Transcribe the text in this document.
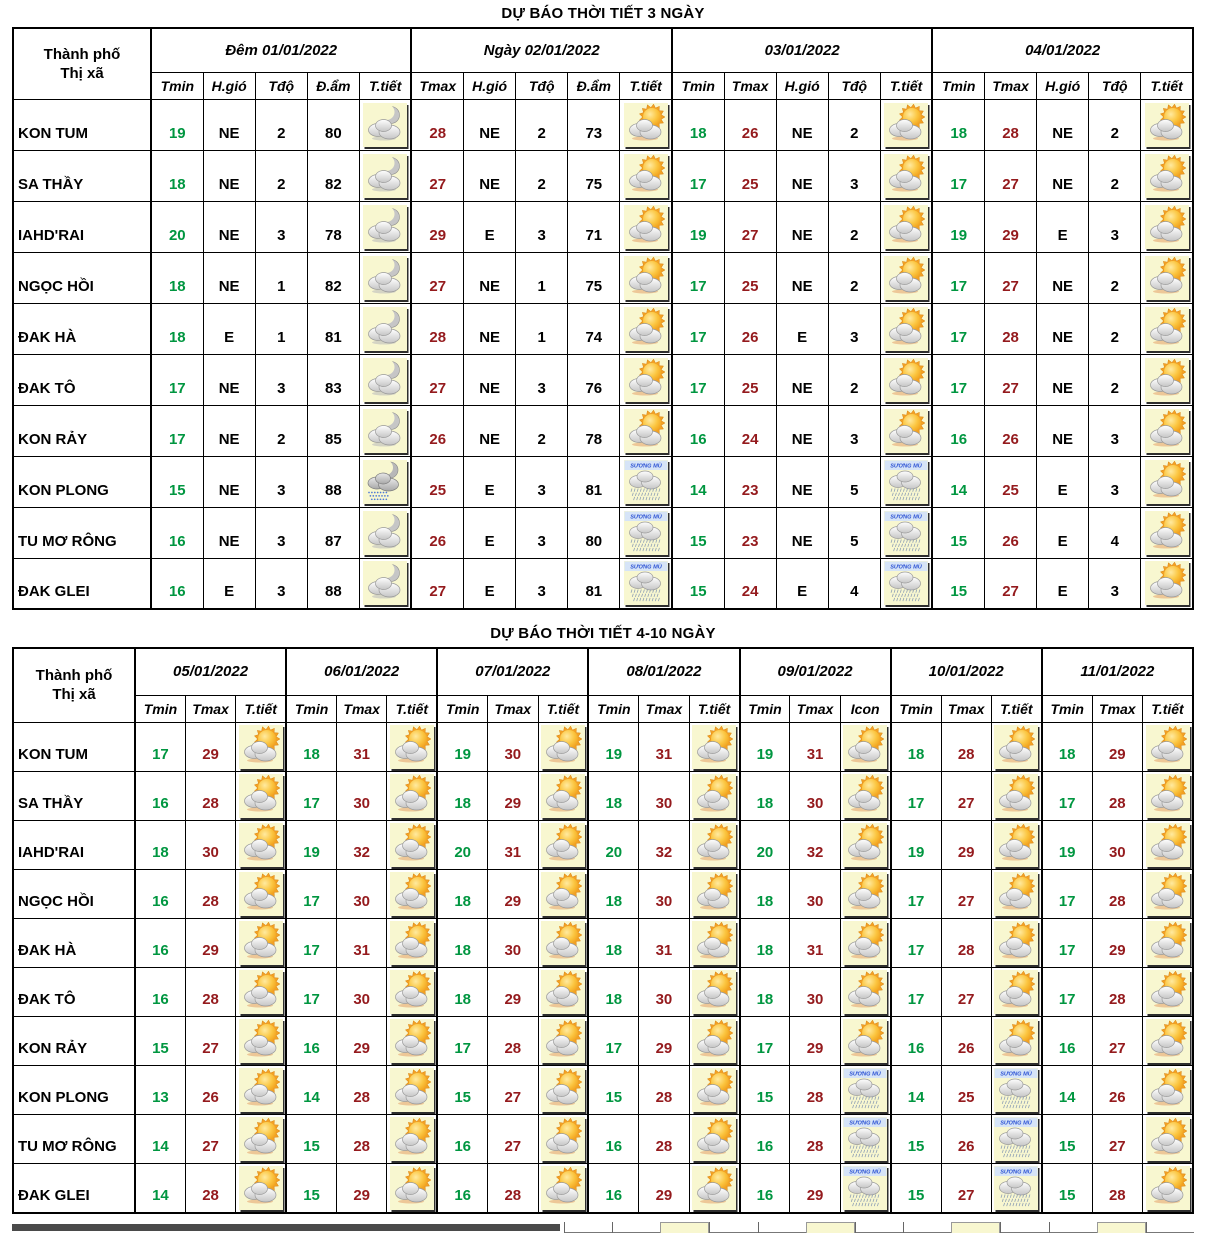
DỰ BÁO THỜI TIẾT 3 NGÀY
Thành phố
Thị xã	Đêm 01/01/2022					Ngày 02/01/2022					03/01/2022					04/01/2022				
	Tmin	H.gió	Tđộ	Đ.ẩm	T.tiết	Tmax	H.gió	Tđộ	Đ.ẩm	T.tiết	Tmin	Tmax	H.gió	Tđộ	T.tiết	Tmin	Tmax	H.gió	Tđộ	T.tiết
KON TUM	19	NE	2	80		28	NE	2	73		18	26	NE	2		18	28	NE	2	

SA THẦY	18	NE	2	82		27	NE	2	75		17	25	NE	3		17	27	NE	2	

IAHD'RAI	20	NE	3	78		29	E	3	71		19	27	NE	2		19	29	E	3	

NGỌC HỒI	18	NE	1	82		27	NE	1	75		17	25	NE	2		17	27	NE	2	

ĐAK HÀ	18	E	1	81		28	NE	1	74		17	26	E	3		17	28	NE	2	

ĐAK TÔ	17	NE	3	83		27	NE	3	76		17	25	NE	2		17	27	NE	2	

KON RẢY	17	NE	2	85		26	NE	2	78		16	24	NE	3		16	26	NE	3	

KON PLONG	15	NE	3	88		25	E	3	81	SƯƠNG MÙ	14	23	NE	5	SƯƠNG MÙ	14	25	E	3	

TU MƠ RÔNG	16	NE	3	87		26	E	3	80	SƯƠNG MÙ	15	23	NE	5	SƯƠNG MÙ	15	26	E	4	

ĐAK GLEI	16	E	3	88		27	E	3	81	SƯƠNG MÙ	15	24	E	4	SƯƠNG MÙ	15	27	E	3	
DỰ BÁO THỜI TIẾT 4-10 NGÀY
Thành phố
Thị xã	05/01/2022			06/01/2022			07/01/2022			08/01/2022			09/01/2022			10/01/2022			11/01/2022		
	Tmin	Tmax	T.tiết	Tmin	Tmax	T.tiết	Tmin	Tmax	T.tiết	Tmin	Tmax	T.tiết	Tmin	Tmax	Icon	Tmin	Tmax	T.tiết	Tmin	Tmax	T.tiết
KON TUM	17	29		18	31		19	30		19	31		19	31		18	28		18	29	

SA THẦY	16	28		17	30		18	29		18	30		18	30		17	27		17	28	

IAHD'RAI	18	30		19	32		20	31		20	32		20	32		19	29		19	30	

NGỌC HỒI	16	28		17	30		18	29		18	30		18	30		17	27		17	28	

ĐAK HÀ	16	29		17	31		18	30		18	31		18	31		17	28		17	29	

ĐAK TÔ	16	28		17	30		18	29		18	30		18	30		17	27		17	28	

KON RẢY	15	27		16	29		17	28		17	29		17	29		16	26		16	27	

KON PLONG	13	26		14	28		15	27		15	28		15	28	SƯƠNG MÙ	14	25	SƯƠNG MÙ	14	26	

TU MƠ RÔNG	14	27		15	28		16	27		16	28		16	28	SƯƠNG MÙ	15	26	SƯƠNG MÙ	15	27	

ĐAK GLEI	14	28		15	29		16	28		16	29		16	29	SƯƠNG MÙ	15	27	SƯƠNG MÙ	15	28	
